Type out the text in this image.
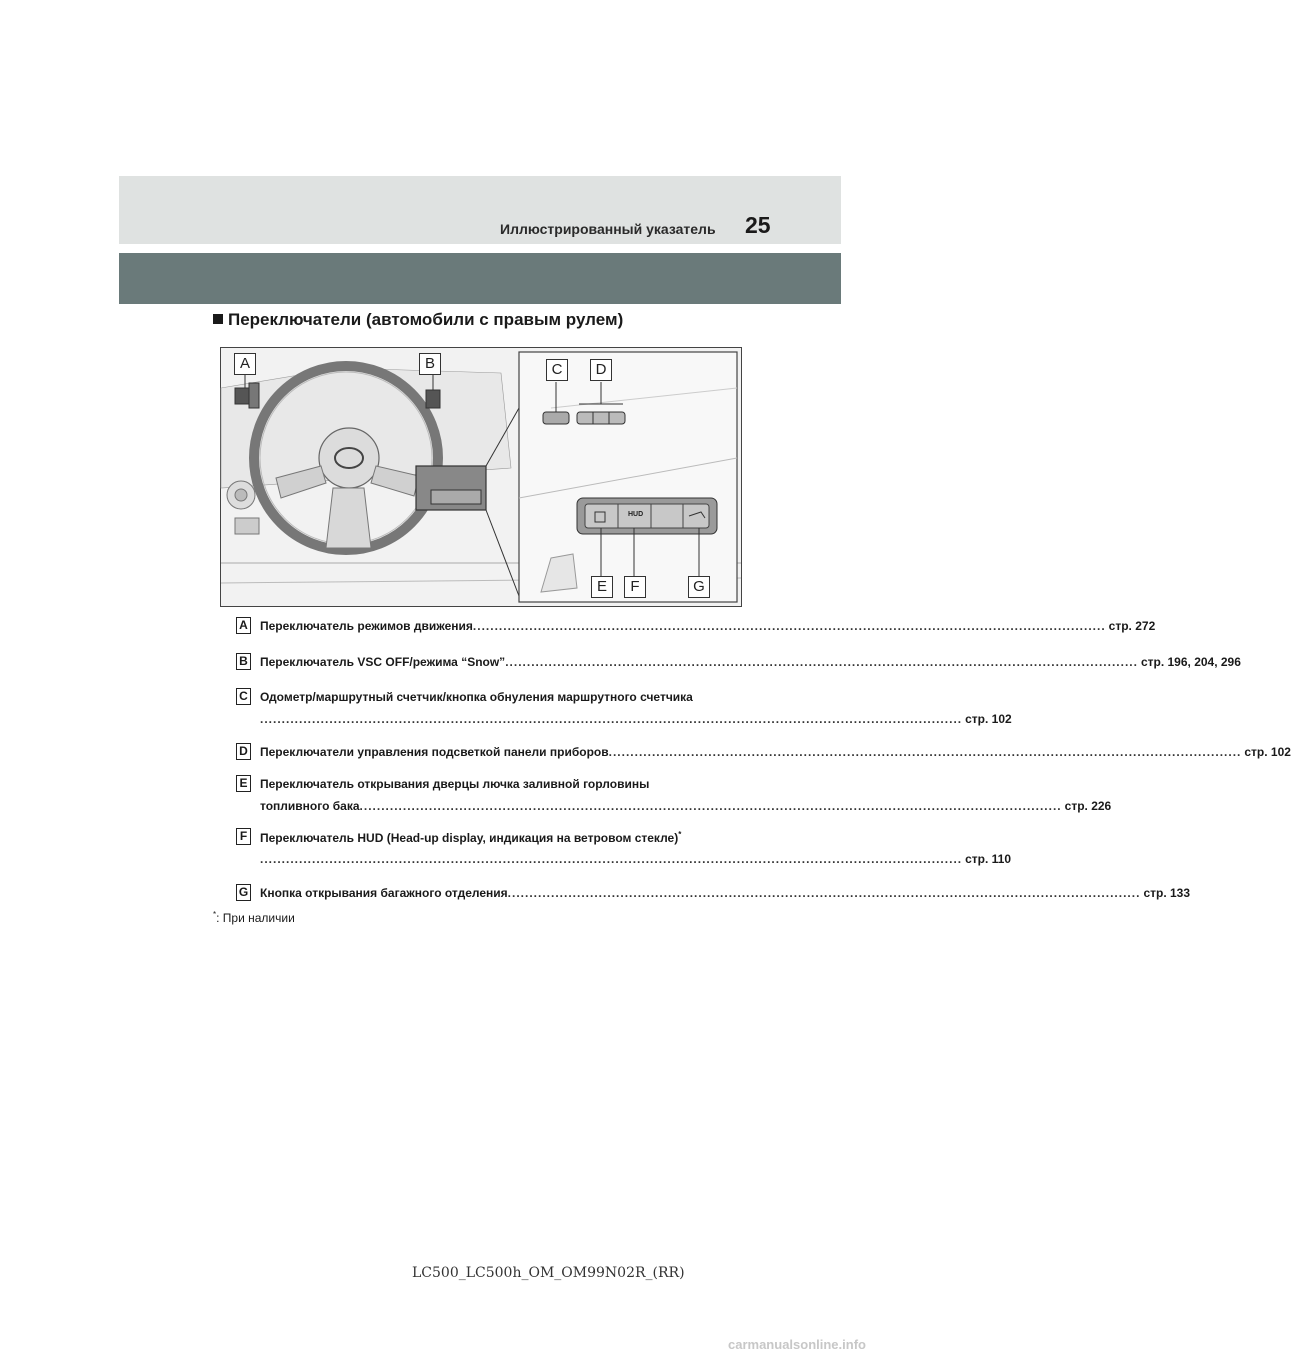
Иллюстрированный указатель 25
Переключатели (автомобили с правым рулем)
A	B	C	D
E	F	G
HUD
A Переключатель режимов движения .................................................................................................................................................. стр. 272
B Переключатель VSC OFF/режима “Snow” .................................................................................................................................................. стр. 196, 204, 296
C Одометр/маршрутный счетчик/кнопка обнуления маршрутного счетчика
.................................................................................................................................................................. стр. 102
D Переключатели управления подсветкой панели приборов .................................................................................................................................................. стр. 102
E Переключатель открывания дверцы лючка заливной горловины
топливного бака .................................................................................................................................................................. стр. 226
F	Переключатель HUD (Head-up display, индикация на ветровом стекле)*
.................................................................................................................................................................. стр. 110
G Кнопка открывания багажного отделения .................................................................................................................................................. стр. 133
*: При наличии
LC500_LC500h_OM_OM99N02R_(RR)
carmanualsonline.info
